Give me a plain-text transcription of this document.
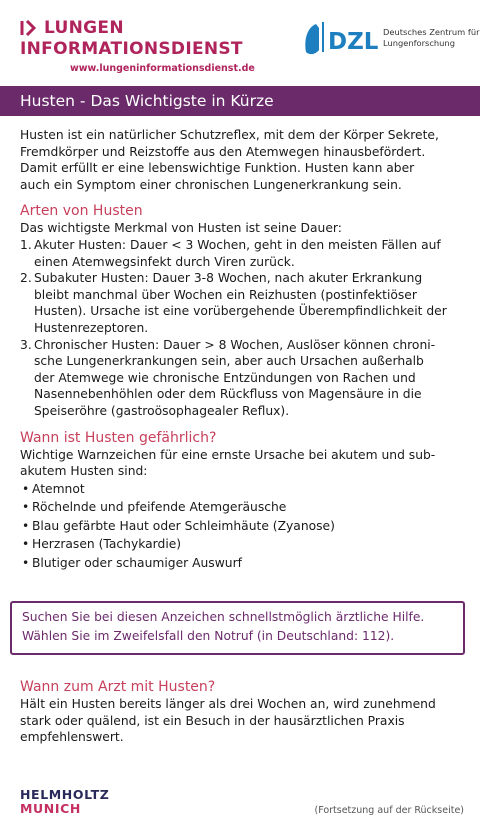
LUNGEN
INFORMATIONSDIENST
www.lungeninformationsdienst.de
DZL Deutsches Zentrum für
Lungenforschung
Husten - Das Wichtigste in Kürze

Husten ist ein natürlicher Schutzreflex, mit dem der Körper Sekrete,
Fremdkörper und Reizstoffe aus den Atemwegen hinausbefördert.
Damit erfüllt er eine lebenswichtige Funktion. Husten kann aber
auch ein Symptom einer chronischen Lungenerkrankung sein.

Arten von Husten

Das wichtigste Merkmal von Husten ist seine Dauer:

1. Akuter Husten: Dauer < 3 Wochen, geht in den meisten Fällen auf
einen Atemwegsinfekt durch Viren zurück.
2. Subakuter Husten: Dauer 3-8 Wochen, nach akuter Erkrankung
bleibt manchmal über Wochen ein Reizhusten (postinfektiöser
Husten). Ursache ist eine vorübergehende Überempfindlichkeit der
Hustenrezeptoren.
3. Chronischer Husten: Dauer > 8 Wochen, Auslöser können chroni-
sche Lungenerkrankungen sein, aber auch Ursachen außerhalb
der Atemwege wie chronische Entzündungen von Rachen und
Nasennebenhöhlen oder dem Rückfluss von Magensäure in die
Speiseröhre (gastroösophagealer Reflux).
Wann ist Husten gefährlich?

Wichtige Warnzeichen für eine ernste Ursache bei akutem und sub-
akutem Husten sind:

• Atemnot
• Röchelnde und pfeifende Atemgeräusche
• Blau gefärbte Haut oder Schleimhäute (Zyanose)
• Herzrasen (Tachykardie)
• Blutiger oder schaumiger Auswurf
Suchen Sie bei diesen Anzeichen schnellstmöglich ärztliche Hilfe.
Wählen Sie im Zweifelsfall den Notruf (in Deutschland: 112).
Wann zum Arzt mit Husten?

Hält ein Husten bereits länger als drei Wochen an, wird zunehmend
stark oder quälend, ist ein Besuch in der hausärztlichen Praxis
empfehlenswert.

HELMHOLTZ
MUNICH	(Fortsetzung auf der Rückseite)
